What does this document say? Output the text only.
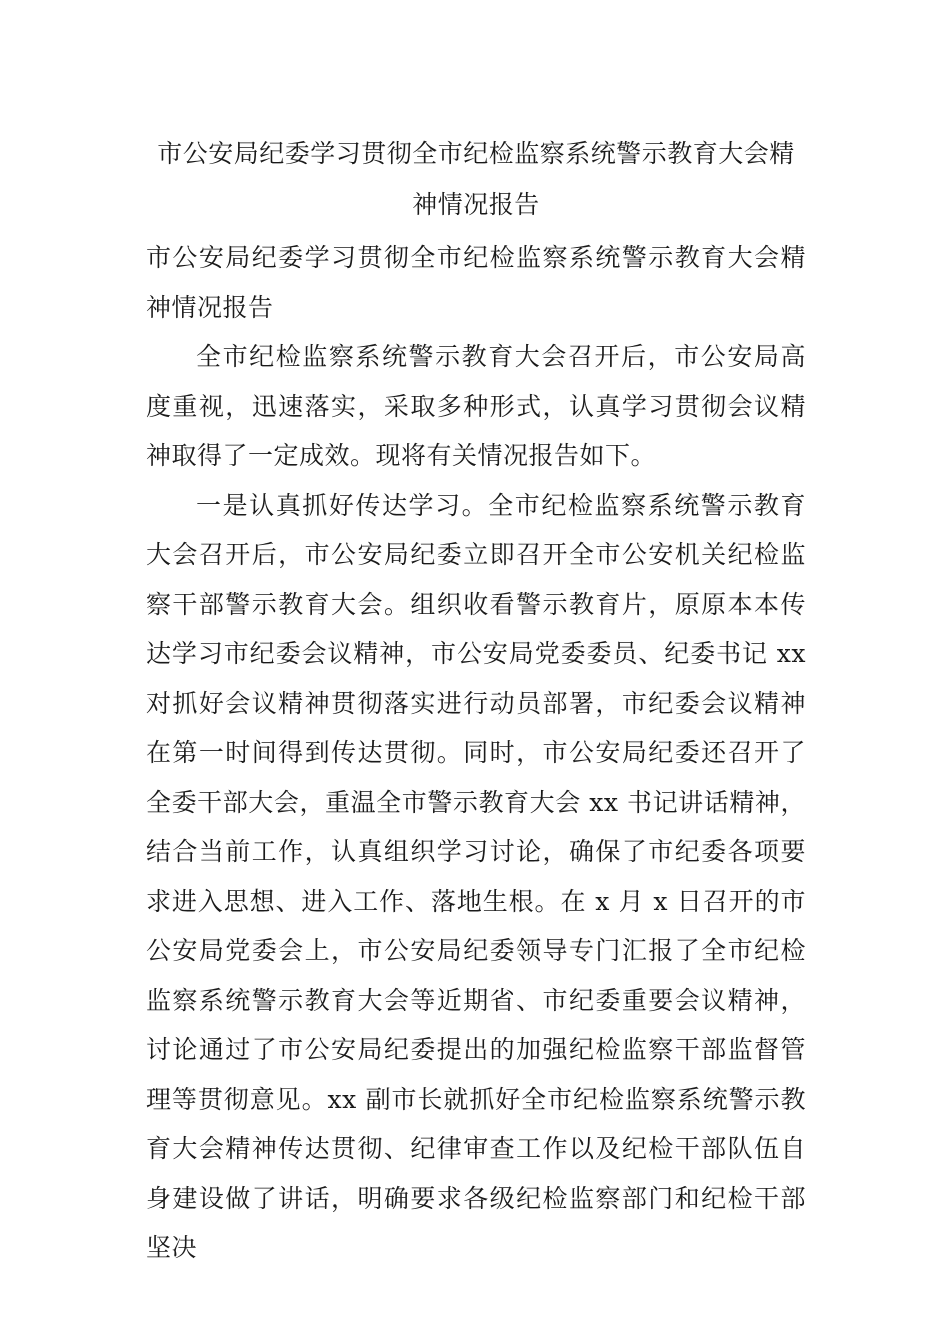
市公安局纪委学习贯彻全市纪检监察系统警示教育大会精神情况报告

市公安局纪委学习贯彻全市纪检监察系统警示教育大会精神情况报告

全市纪检监察系统警示教育大会召开后，市公安局高度重视，迅速落实，采取多种形式，认真学习贯彻会议精神取得了一定成效。现将有关情况报告如下。

一是认真抓好传达学习。全市纪检监察系统警示教育大会召开后，市公安局纪委立即召开全市公安机关纪检监察干部警示教育大会。组织收看警示教育片，原原本本传达学习市纪委会议精神，市公安局党委委员、纪委书记 xx 对抓好会议精神贯彻落实进行动员部署，市纪委会议精神在第一时间得到传达贯彻。同时，市公安局纪委还召开了全委干部大会，重温全市警示教育大会 xx 书记讲话精神，结合当前工作，认真组织学习讨论，确保了市纪委各项要求进入思想、进入工作、落地生根。在 x 月 x 日召开的市公安局党委会上，市公安局纪委领导专门汇报了全市纪检监察系统警示教育大会等近期省、市纪委重要会议精神，讨论通过了市公安局纪委提出的加强纪检监察干部监督管理等贯彻意见。xx 副市长就抓好全市纪检监察系统警示教育大会精神传达贯彻、纪律审查工作以及纪检干部队伍自身建设做了讲话，明确要求各级纪检监察部门和纪检干部坚决
